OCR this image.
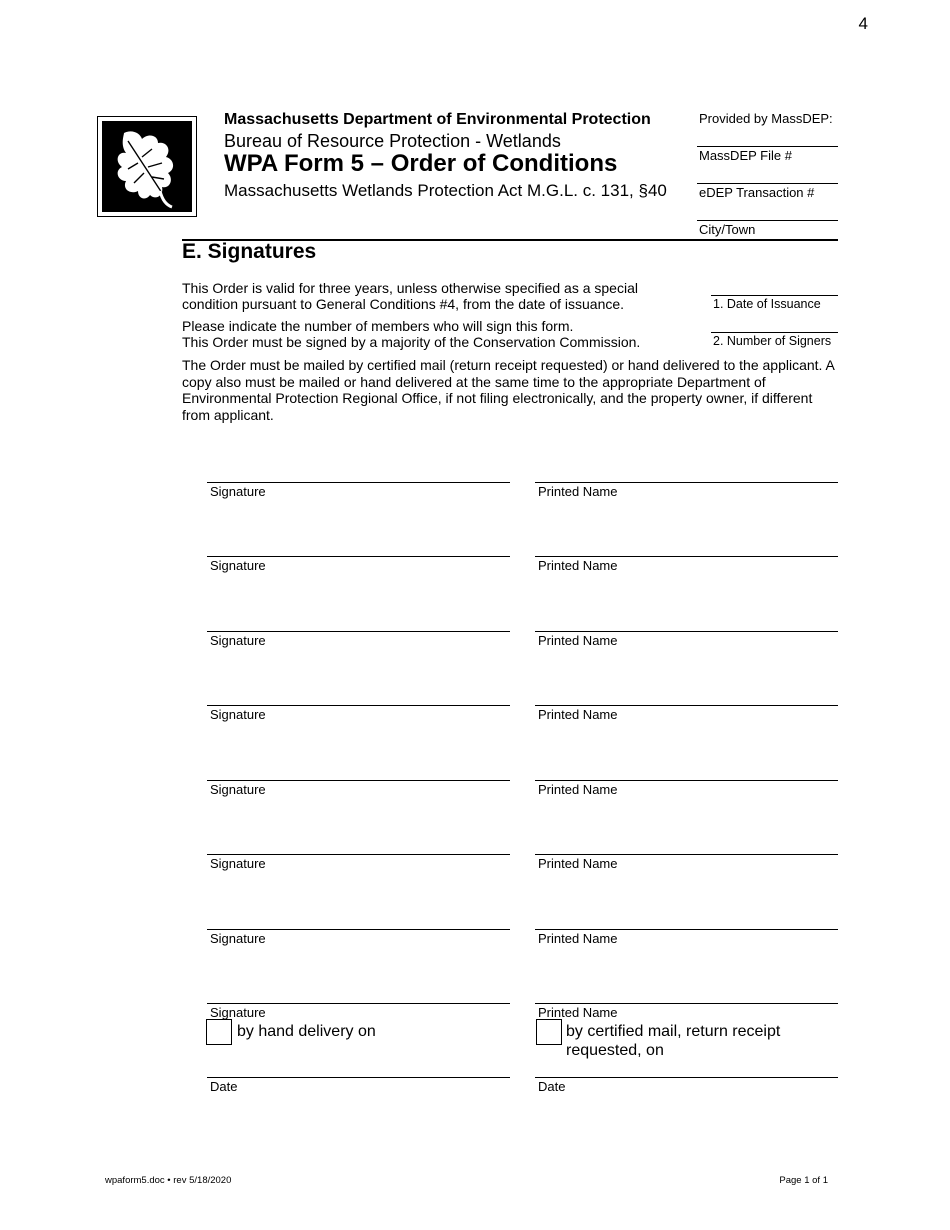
4
Massachusetts Department of Environmental Protection
Bureau of Resource Protection - Wetlands
WPA Form 5 – Order of Conditions
Massachusetts Wetlands Protection Act M.G.L. c. 131, §40
Provided by MassDEP:
MassDEP File #
eDEP Transaction #
City/Town
E. Signatures
This Order is valid for three years, unless otherwise specified as a special
condition pursuant to General Conditions #4, from the date of issuance.	1. Date of Issuance
Please indicate the number of members who will sign this form.
This Order must be signed by a majority of the Conservation Commission.	2. Number of Signers
The Order must be mailed by certified mail (return receipt requested) or hand delivered to the applicant. A copy also must be mailed or hand delivered at the same time to the appropriate Department of Environmental Protection Regional Office, if not filing electronically, and the property owner, if different from applicant.
Signature	Printed Name
Signature	Printed Name
Signature	Printed Name
Signature	Printed Name
Signature	Printed Name
Signature	Printed Name
Signature	Printed Name
Signature	Printed Name
by hand delivery on	by certified mail, return receipt
requested, on
Date	Date
wpaform5.doc • rev 5/18/2020	Page 1 of 1
